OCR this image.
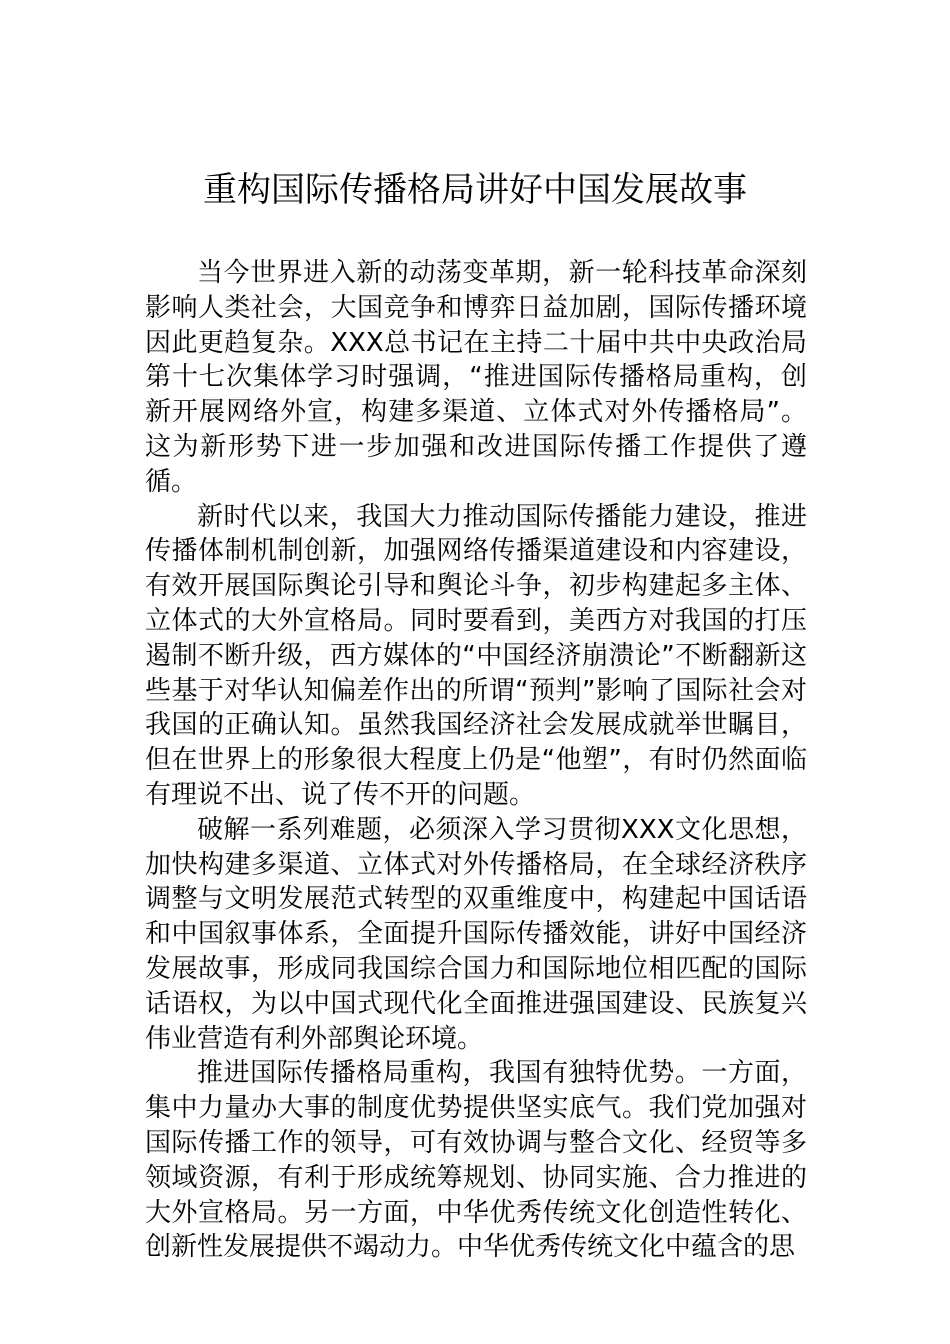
重构国际传播格局讲好中国发展故事

当今世界进入新的动荡变革期，新一轮科技革命深刻影响人类社会，大国竞争和博弈日益加剧，国际传播环境因此更趋复杂。XXX总书记在主持二十届中共中央政治局第十七次集体学习时强调，“推进国际传播格局重构，创新开展网络外宣，构建多渠道、立体式对外传播格局”。这为新形势下进一步加强和改进国际传播工作提供了遵循。

新时代以来，我国大力推动国际传播能力建设，推进传播体制机制创新，加强网络传播渠道建设和内容建设，有效开展国际舆论引导和舆论斗争，初步构建起多主体、立体式的大外宣格局。同时要看到，美西方对我国的打压遏制不断升级，西方媒体的“中国经济崩溃论”不断翻新这些基于对华认知偏差作出的所谓“预判”影响了国际社会对我国的正确认知。虽然我国经济社会发展成就举世瞩目，但在世界上的形象很大程度上仍是“他塑”，有时仍然面临有理说不出、说了传不开的问题。

破解一系列难题，必须深入学习贯彻XXX文化思想，加快构建多渠道、立体式对外传播格局，在全球经济秩序调整与文明发展范式转型的双重维度中，构建起中国话语和中国叙事体系，全面提升国际传播效能，讲好中国经济发展故事，形成同我国综合国力和国际地位相匹配的国际话语权，为以中国式现代化全面推进强国建设、民族复兴伟业营造有利外部舆论环境。

推进国际传播格局重构，我国有独特优势。一方面，集中力量办大事的制度优势提供坚实底气。我们党加强对国际传播工作的领导，可有效协调与整合文化、经贸等多领域资源，有利于形成统筹规划、协同实施、合力推进的大外宣格局。另一方面，中华优秀传统文化创造性转化、创新性发展提供不竭动力。中华优秀传统文化中蕴含的思
